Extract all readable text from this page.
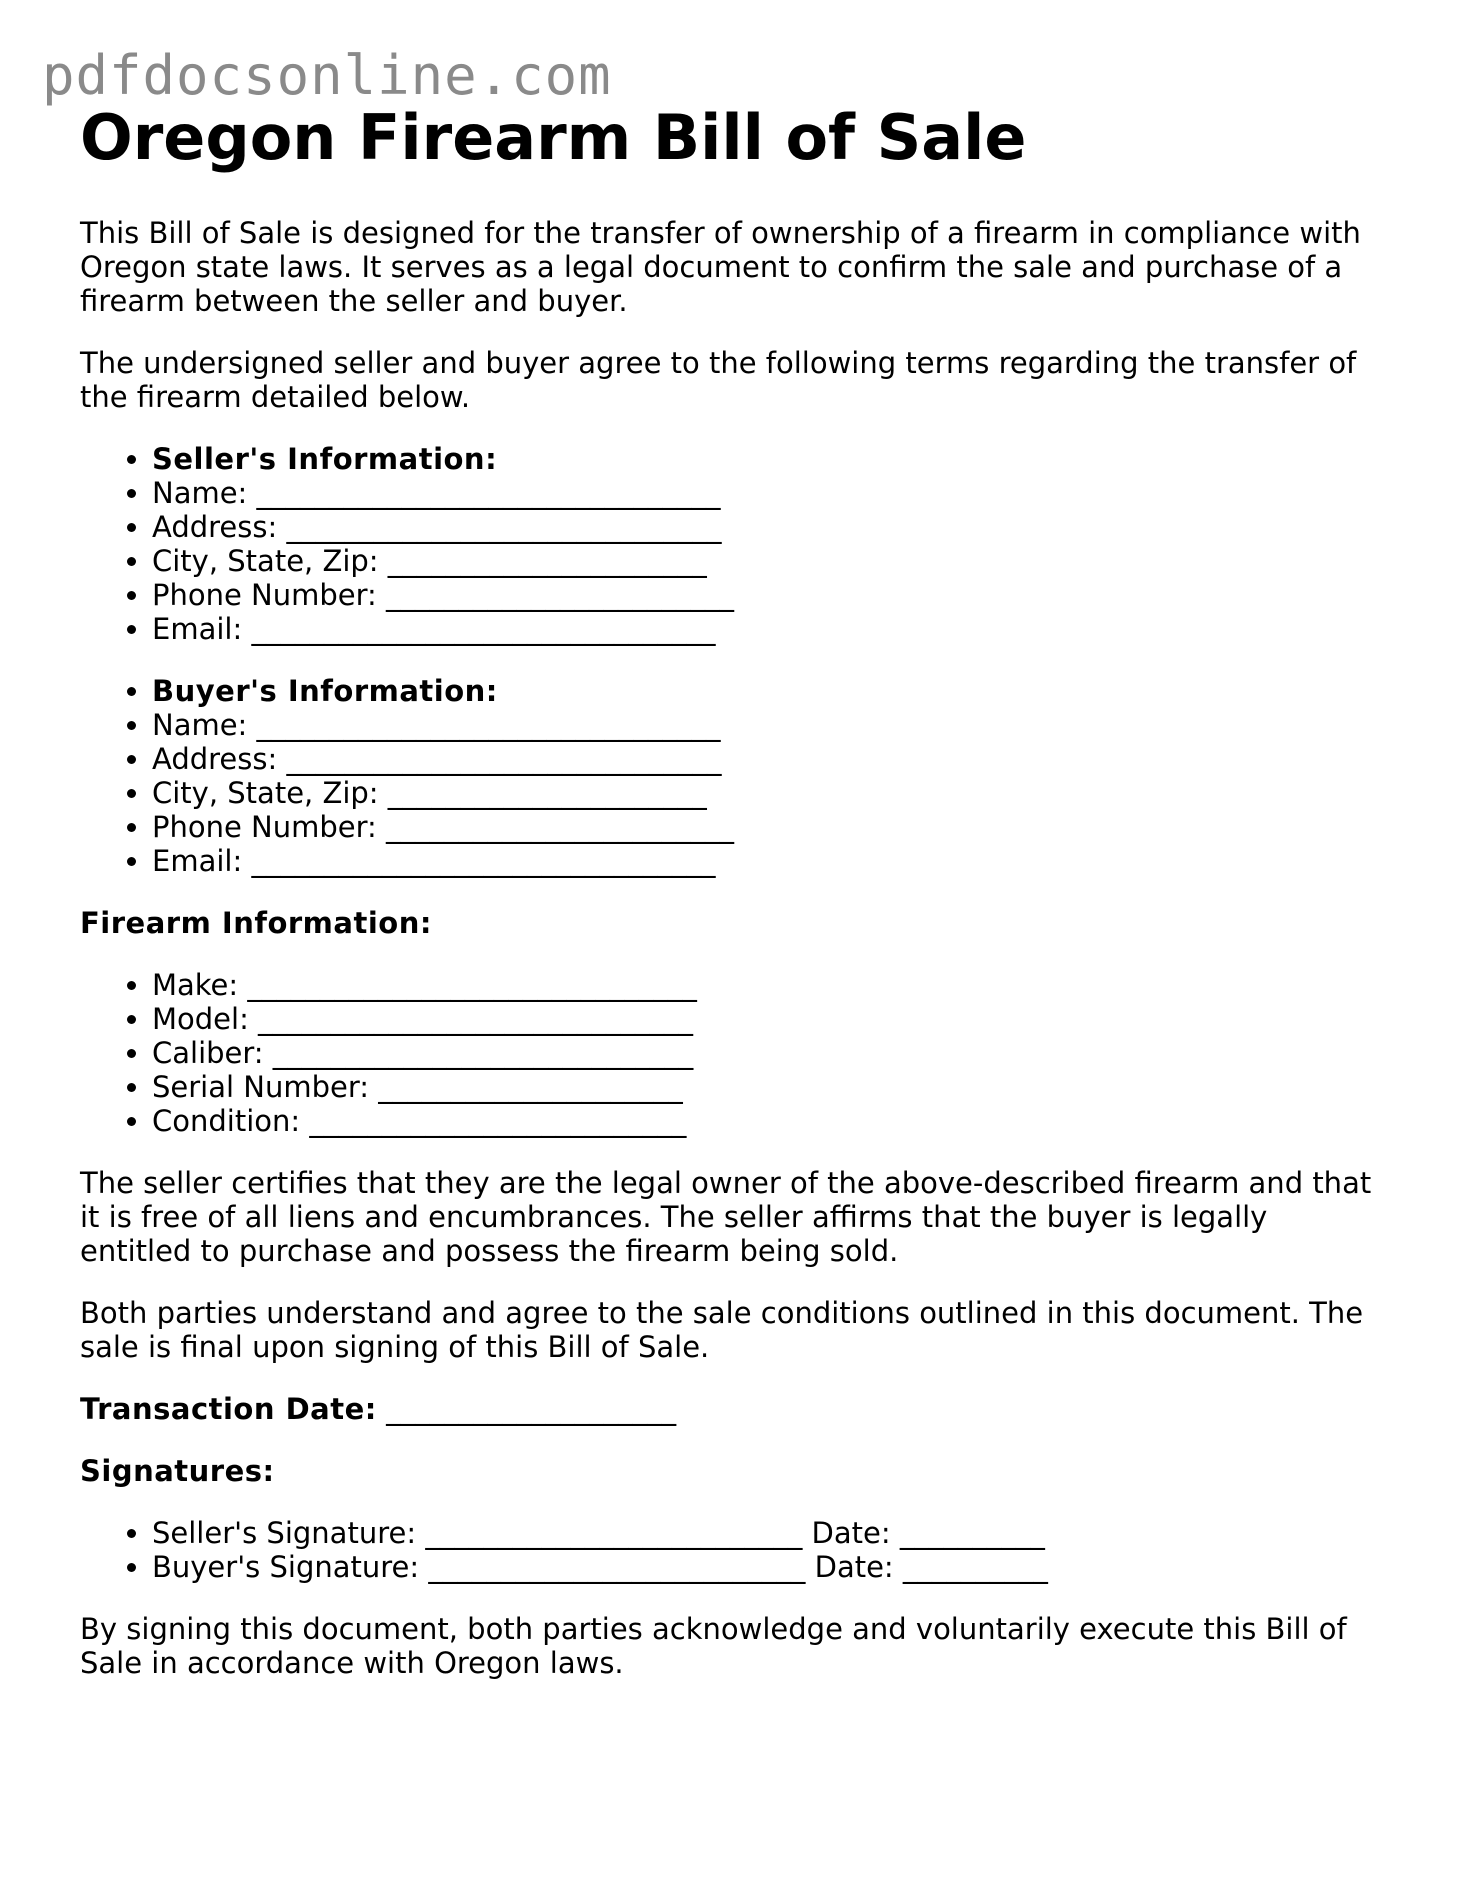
pdfdocsonline.com
Oregon Firearm Bill of Sale

This Bill of Sale is designed for the transfer of ownership of a firearm in compliance with Oregon state laws. It serves as a legal document to confirm the sale and purchase of a firearm between the seller and buyer.

The undersigned seller and buyer agree to the following terms regarding the transfer of the firearm detailed below.

• Seller's Information:
• Name: ________________________________
• Address: ______________________________
• City, State, Zip: ______________________
• Phone Number: ________________________
• Email: ________________________________
• Buyer's Information:
• Name: ________________________________
• Address: ______________________________
• City, State, Zip: ______________________
• Phone Number: ________________________
• Email: ________________________________
Firearm Information:
• Make: _______________________________
• Model: ______________________________
• Caliber: _____________________________
• Serial Number: _____________________
• Condition: __________________________

The seller certifies that they are the legal owner of the above-described firearm and that it is free of all liens and encumbrances. The seller affirms that the buyer is legally entitled to purchase and possess the firearm being sold.

Both parties understand and agree to the sale conditions outlined in this document. The sale is final upon signing of this Bill of Sale.

Transaction Date: ____________________

Signatures:
• Seller's Signature: __________________________ Date: __________
• Buyer's Signature: __________________________ Date: __________

By signing this document, both parties acknowledge and voluntarily execute this Bill of Sale in accordance with Oregon laws.
